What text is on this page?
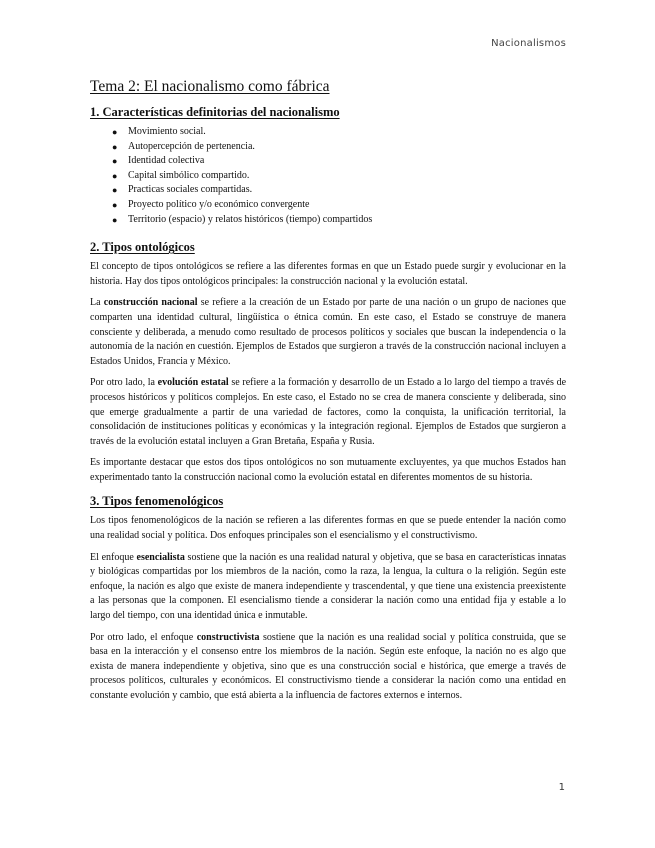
Nacionalismos
Tema 2: El nacionalismo como fábrica
1. Características definitorias del nacionalismo
● Movimiento social.
● Autopercepción de pertenencia.
● Identidad colectiva
● Capital simbólico compartido.
● Practicas sociales compartidas.
● Proyecto político y/o económico convergente
● Territorio (espacio) y relatos históricos (tiempo) compartidos
2. Tipos ontológicos

El concepto de tipos ontológicos se refiere a las diferentes formas en que un Estado puede surgir y evolucionar en la historia. Hay dos tipos ontológicos principales: la construcción nacional y la evolución estatal.

La construcción nacional se refiere a la creación de un Estado por parte de una nación o un grupo de naciones que comparten una identidad cultural, lingüística o étnica común. En este caso, el Estado se construye de manera consciente y deliberada, a menudo como resultado de procesos políticos y sociales que buscan la independencia o la autonomía de la nación en cuestión. Ejemplos de Estados que surgieron a través de la construcción nacional incluyen a Estados Unidos, Francia y México.

Por otro lado, la evolución estatal se refiere a la formación y desarrollo de un Estado a lo largo del tiempo a través de procesos históricos y políticos complejos. En este caso, el Estado no se crea de manera consciente y deliberada, sino que emerge gradualmente a partir de una variedad de factores, como la conquista, la unificación territorial, la consolidación de instituciones políticas y económicas y la integración regional. Ejemplos de Estados que surgieron a través de la evolución estatal incluyen a Gran Bretaña, España y Rusia.

Es importante destacar que estos dos tipos ontológicos no son mutuamente excluyentes, ya que muchos Estados han experimentado tanto la construcción nacional como la evolución estatal en diferentes momentos de su historia.

3. Tipos fenomenológicos

Los tipos fenomenológicos de la nación se refieren a las diferentes formas en que se puede entender la nación como una realidad social y política. Dos enfoques principales son el esencialismo y el constructivismo.

El enfoque esencialista sostiene que la nación es una realidad natural y objetiva, que se basa en características innatas y biológicas compartidas por los miembros de la nación, como la raza, la lengua, la cultura o la religión. Según este enfoque, la nación es algo que existe de manera independiente y trascendental, y que tiene una existencia preexistente a las personas que la componen. El esencialismo tiende a considerar la nación como una entidad fija y estable a lo largo del tiempo, con una identidad única e inmutable.

Por otro lado, el enfoque constructivista sostiene que la nación es una realidad social y política construida, que se basa en la interacción y el consenso entre los miembros de la nación. Según este enfoque, la nación no es algo que exista de manera independiente y objetiva, sino que es una construcción social e histórica, que emerge a través de procesos políticos, culturales y económicos. El constructivismo tiende a considerar la nación como una entidad en constante evolución y cambio, que está abierta a la influencia de factores externos e internos.

1
